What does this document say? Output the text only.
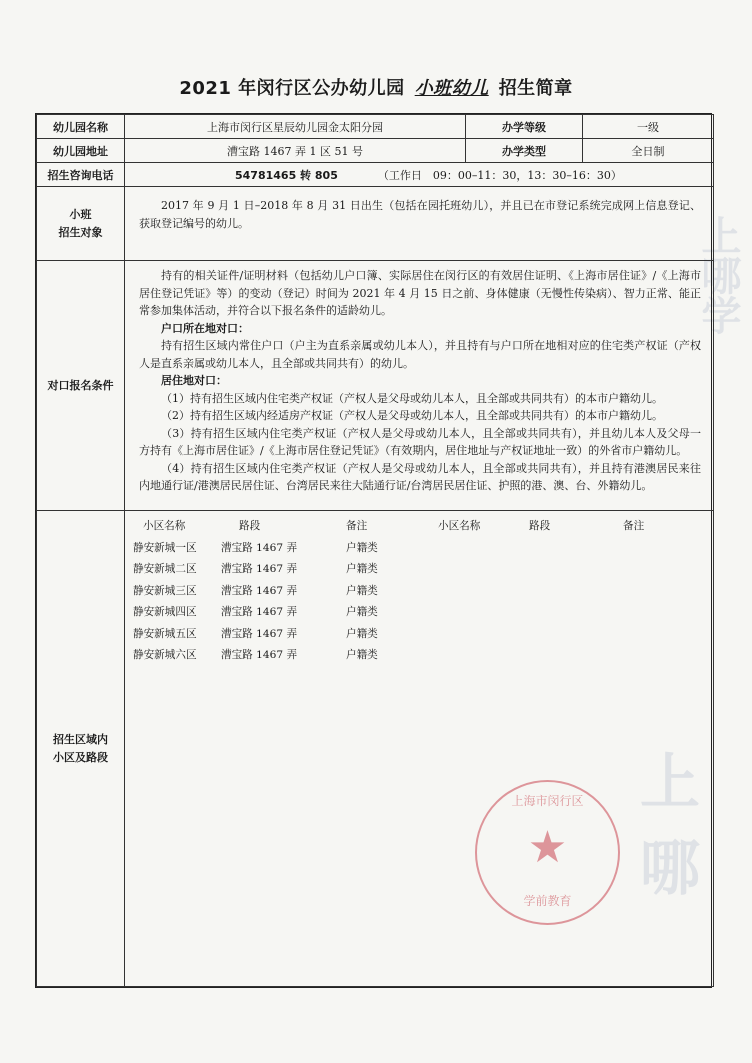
上哪学
上哪
2021 年闵行区公办幼儿园 小班幼儿 招生简章
幼儿园名称	上海市闵行区星辰幼儿园金太阳分园	办学等级	一级
幼儿园地址	漕宝路 1467 弄 1 区 51 号	办学类型	全日制
招生咨询电话	54781465 转 805	（工作日　09：00–11：30，13：30–16：30）

小班
招生对象

2017 年 9 月 1 日–2018 年 8 月 31 日出生（包括在园托班幼儿），并且已在市登记系统完成网上信息登记、获取登记编号的幼儿。

对口报名条件	

持有的相关证件/证明材料（包括幼儿户口簿、实际居住在闵行区的有效居住证明、《上海市居住证》/《上海市居住登记凭证》等）的变动（登记）时间为 2021 年 4 月 15 日之前、身体健康（无慢性传染病）、智力正常、能正常参加集体活动，并符合以下报名条件的适龄幼儿。

户口所在地对口：

持有招生区域内常住户口（户主为直系亲属或幼儿本人），并且持有与户口所在地相对应的住宅类产权证（产权人是直系亲属或幼儿本人，且全部或共同共有）的幼儿。

居住地对口：

（1）持有招生区域内住宅类产权证（产权人是父母或幼儿本人，且全部或共同共有）的本市户籍幼儿。

（2）持有招生区域内经适房产权证（产权人是父母或幼儿本人，且全部或共同共有）的本市户籍幼儿。

（3）持有招生区域内住宅类产权证（产权人是父母或幼儿本人，且全部或共同共有），并且幼儿本人及父母一方持有《上海市居住证》/《上海市居住登记凭证》（有效期内，居住地址与产权证地址一致）的外省市户籍幼儿。

（4）持有招生区域内住宅类产权证（产权人是父母或幼儿本人，且全部或共同共有），并且持有港澳居民来往内地通行证/港澳居民居住证、台湾居民来往大陆通行证/台湾居民居住证、护照的港、澳、台、外籍幼儿。

招生区域内
小区及路段

小区名称	路段	备注	小区名称	路段	备注
静安新城一区	漕宝路 1467 弄	户籍类			
静安新城二区	漕宝路 1467 弄	户籍类			
静安新城三区	漕宝路 1467 弄	户籍类			
静安新城四区	漕宝路 1467 弄	户籍类			
静安新城五区	漕宝路 1467 弄	户籍类			
静安新城六区	漕宝路 1467 弄	户籍类			
上海市闵行区
★
学前教育
